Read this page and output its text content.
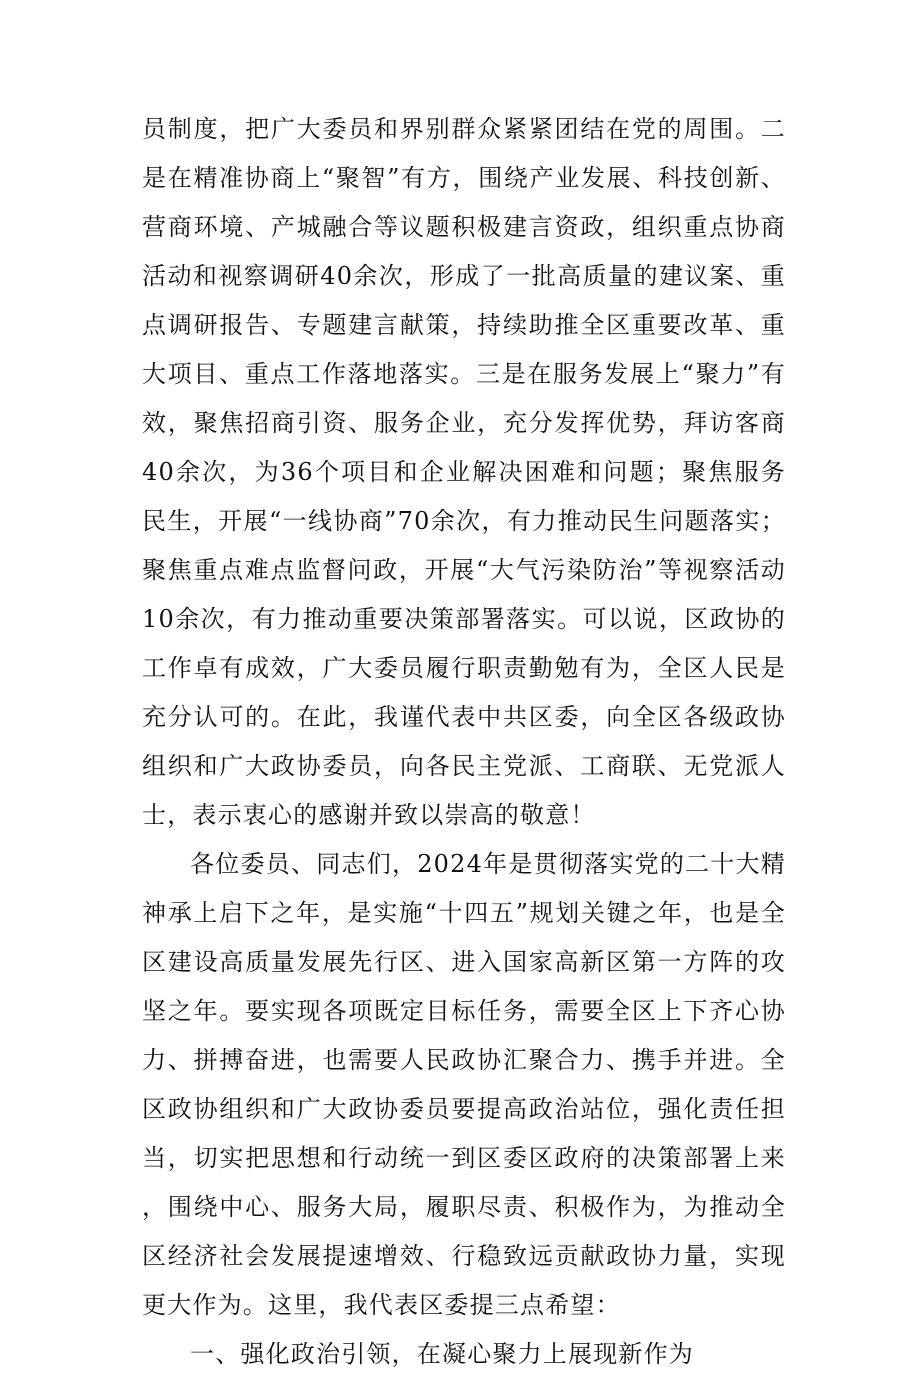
员制度，把广大委员和界别群众紧紧团结在党的周围。二是在精准协商上“聚智”有方，围绕产业发展、科技创新、营商环境、产城融合等议题积极建言资政，组织重点协商活动和视察调研40余次，形成了一批高质量的建议案、重点调研报告、专题建言献策，持续助推全区重要改革、重大项目、重点工作落地落实。三是在服务发展上“聚力”有效，聚焦招商引资、服务企业，充分发挥优势，拜访客商40余次，为36个项目和企业解决困难和问题；聚焦服务民生，开展“一线协商”70余次，有力推动民生问题落实；聚焦重点难点监督问政，开展“大气污染防治”等视察活动10余次，有力推动重要决策部署落实。可以说，区政协的工作卓有成效，广大委员履行职责勤勉有为，全区人民是充分认可的。在此，我谨代表中共区委，向全区各级政协组织和广大政协委员，向各民主党派、工商联、无党派人士，表示衷心的感谢并致以崇高的敬意！

各位委员、同志们，2024年是贯彻落实党的二十大精神承上启下之年，是实施“十四五”规划关键之年，也是全区建设高质量发展先行区、进入国家高新区第一方阵的攻坚之年。要实现各项既定目标任务，需要全区上下齐心协力、拼搏奋进，也需要人民政协汇聚合力、携手并进。全区政协组织和广大政协委员要提高政治站位，强化责任担当，切实把思想和行动统一到区委区政府的决策部署上来，围绕中心、服务大局，履职尽责、积极作为，为推动全区经济社会发展提速增效、行稳致远贡献政协力量，实现更大作为。这里，我代表区委提三点希望：

一、强化政治引领，在凝心聚力上展现新作为
